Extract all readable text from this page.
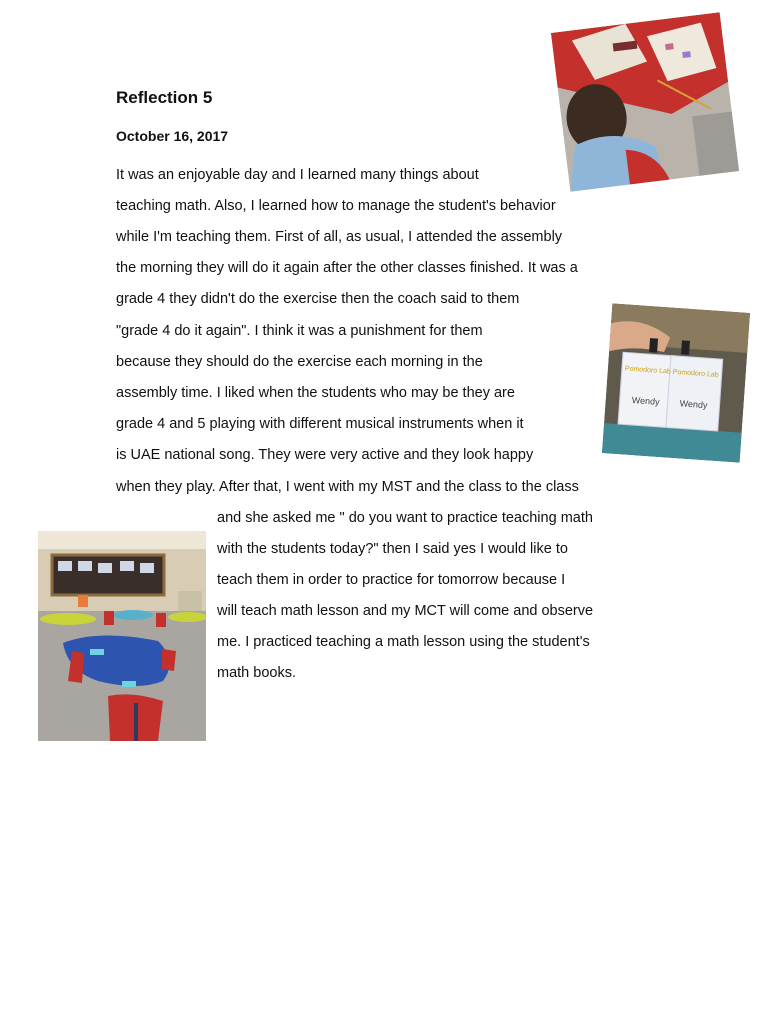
Reflection 5

October 16, 2017

It was an enjoyable day and I learned many things about
teaching math. Also, I learned how to manage the student's behavior
while I'm teaching them. First of all, as usual, I attended the assembly
the morning they will do it again after the other classes finished. It was a
grade 4 they didn't do the exercise then the coach said to them
"grade 4 do it again". I think it was a punishment for them
because they should do the exercise each morning in the
assembly time. I liked when the students who may be they are
grade 4 and 5 playing with different musical instruments when it
is UAE national song. They were very active and they look happy
when they play. After that, I went with my MST and the class to the class
and she asked me " do you want to practice teaching math
with the students today?" then I said yes I would like to
teach them in order to practice for tomorrow because I
will teach math lesson and my MCT will come and observe
me. I practiced teaching a math lesson using the student's
math books.
Pomodoro Lab
Wendy
Pomodoro Lab
Wendy
